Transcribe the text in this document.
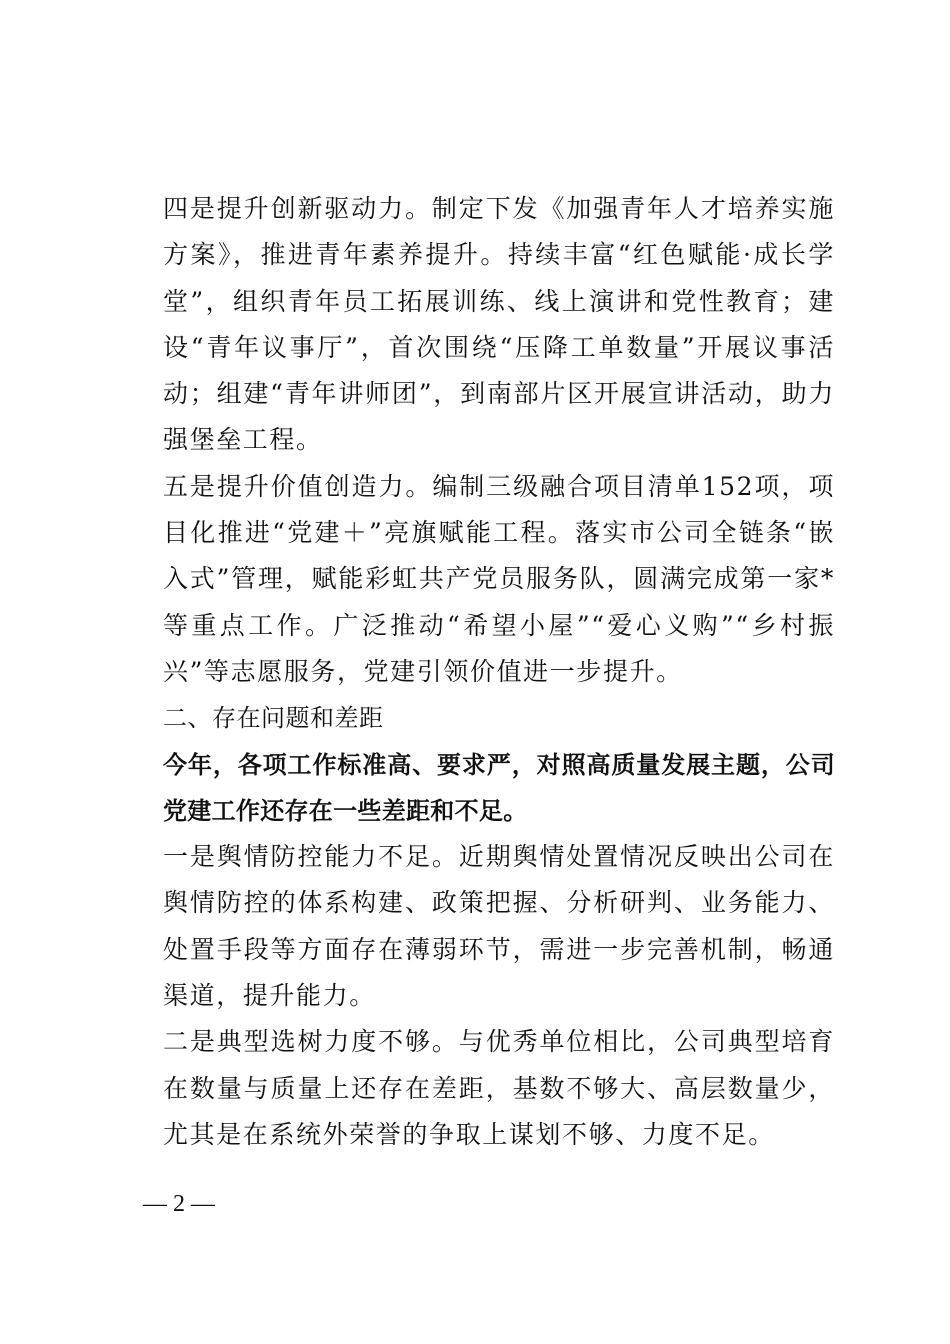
四是提升创新驱动力。制定下发《加强青年人才培养实施方案》，推进青年素养提升。持续丰富“红色赋能·成长学堂”，组织青年员工拓展训练、线上演讲和党性教育；建设“青年议事厅”，首次围绕“压降工单数量”开展议事活动；组建“青年讲师团”，到南部片区开展宣讲活动，助力强堡垒工程。

五是提升价值创造力。编制三级融合项目清单152项，项目化推进“党建＋”亮旗赋能工程。落实市公司全链条“嵌入式”管理，赋能彩虹共产党员服务队，圆满完成第一家*等重点工作。广泛推动“希望小屋”“爱心义购”“乡村振兴”等志愿服务，党建引领价值进一步提升。

二、存在问题和差距

今年，各项工作标准高、要求严，对照高质量发展主题，公司党建工作还存在一些差距和不足。

一是舆情防控能力不足。近期舆情处置情况反映出公司在舆情防控的体系构建、政策把握、分析研判、业务能力、处置手段等方面存在薄弱环节，需进一步完善机制，畅通渠道，提升能力。

二是典型选树力度不够。与优秀单位相比，公司典型培育在数量与质量上还存在差距，基数不够大、高层数量少，尤其是在系统外荣誉的争取上谋划不够、力度不足。

— 2 —
